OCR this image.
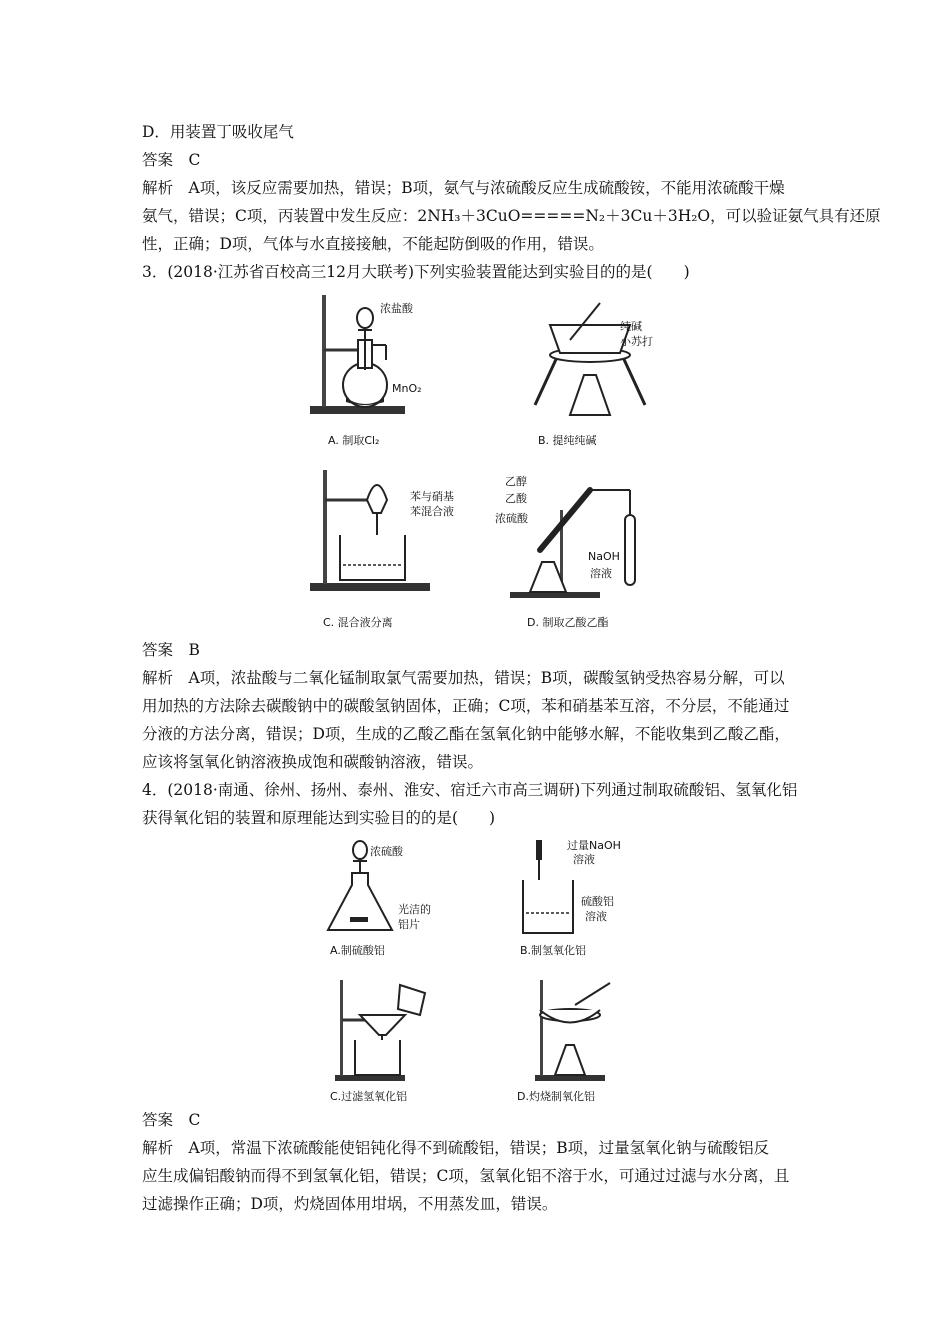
D．用装置丁吸收尾气
答案　C
解析　A项，该反应需要加热，错误；B项，氨气与浓硫酸反应生成硫酸铵，不能用浓硫酸干燥
氨气，错误；C项，丙装置中发生反应：2NH₃＋3CuO=====N₂＋3Cu＋3H₂O，可以验证氨气具有还原
性，正确；D项，气体与水直接接触，不能起防倒吸的作用，错误。
3．(2018·江苏省百校高三12月大联考)下列实验装置能达到实验目的的是(　　)
浓盐酸
MnO₂
A. 制取Cl₂
纯碱
小苏打
B. 提纯纯碱
苯与硝基
苯混合液
C. 混合液分离
乙醇
乙酸
浓硫酸
NaOH
溶液
D. 制取乙酸乙酯
答案　B
解析　A项，浓盐酸与二氧化锰制取氯气需要加热，错误；B项，碳酸氢钠受热容易分解，可以
用加热的方法除去碳酸钠中的碳酸氢钠固体，正确；C项，苯和硝基苯互溶，不分层，不能通过
分液的方法分离，错误；D项，生成的乙酸乙酯在氢氧化钠中能够水解，不能收集到乙酸乙酯，
应该将氢氧化钠溶液换成饱和碳酸钠溶液，错误。
4．(2018·南通、徐州、扬州、泰州、淮安、宿迁六市高三调研)下列通过制取硫酸铝、氢氧化铝
获得氧化铝的装置和原理能达到实验目的的是(　　)
浓硫酸
光洁的
铝片
A.制硫酸铝
过量NaOH
溶液
硫酸铝
溶液
B.制氢氧化铝
C.过滤氢氧化铝	D.灼烧制氧化铝
答案　C
解析　A项，常温下浓硫酸能使铝钝化得不到硫酸铝，错误；B项，过量氢氧化钠与硫酸铝反
应生成偏铝酸钠而得不到氢氧化铝，错误；C项，氢氧化铝不溶于水，可通过过滤与水分离，且
过滤操作正确；D项，灼烧固体用坩埚，不用蒸发皿，错误。
